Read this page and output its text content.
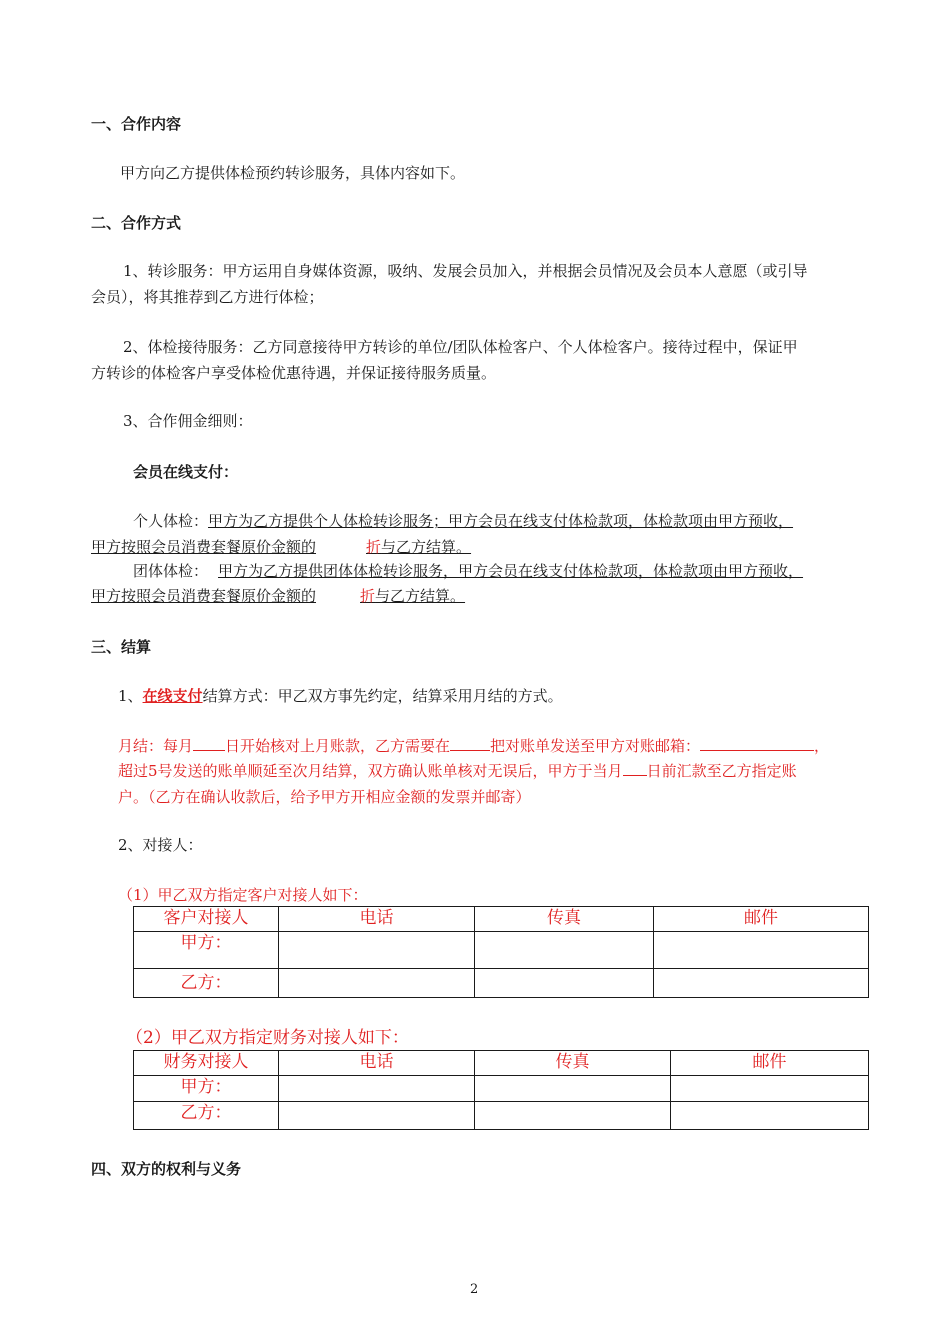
一、合作内容
甲方向乙方提供体检预约转诊服务，具体内容如下。
二、合作方式
1、转诊服务：甲方运用自身媒体资源，吸纳、发展会员加入，并根据会员情况及会员本人意愿（或引导
会员），将其推荐到乙方进行体检；
2、体检接待服务：乙方同意接待甲方转诊的单位/团队体检客户、个人体检客户。接待过程中，保证甲
方转诊的体检客户享受体检优惠待遇，并保证接待服务质量。
3、合作佣金细则：
会员在线支付：
个人体检：甲方为乙方提供个人体检转诊服务；甲方会员在线支付体检款项，体检款项由甲方预收，
甲方按照会员消费套餐原价金额的	折与乙方结算。
团体体检： 甲方为乙方提供团体体检转诊服务，甲方会员在线支付体检款项，体检款项由甲方预收，
甲方按照会员消费套餐原价金额的	折与乙方结算。
三、结算
1、在线支付结算方式：甲乙双方事先约定，结算采用月结的方式。
月结：每月 日开始核对上月账款，乙方需要在	把对账单发送至甲方对账邮箱：	，
超过5号发送的账单顺延至次月结算，双方确认账单核对无误后，甲方于当月 日前汇款至乙方指定账
户。（乙方在确认收款后，给予甲方开相应金额的发票并邮寄）
2、对接人：
（1）甲乙双方指定客户对接人如下：
客户对接人	电话	传真	邮件
甲方：			
乙方：			
（2）甲乙双方指定财务对接人如下：
财务对接人	电话	传真	邮件
甲方：			
乙方：			
四、双方的权利与义务
2
